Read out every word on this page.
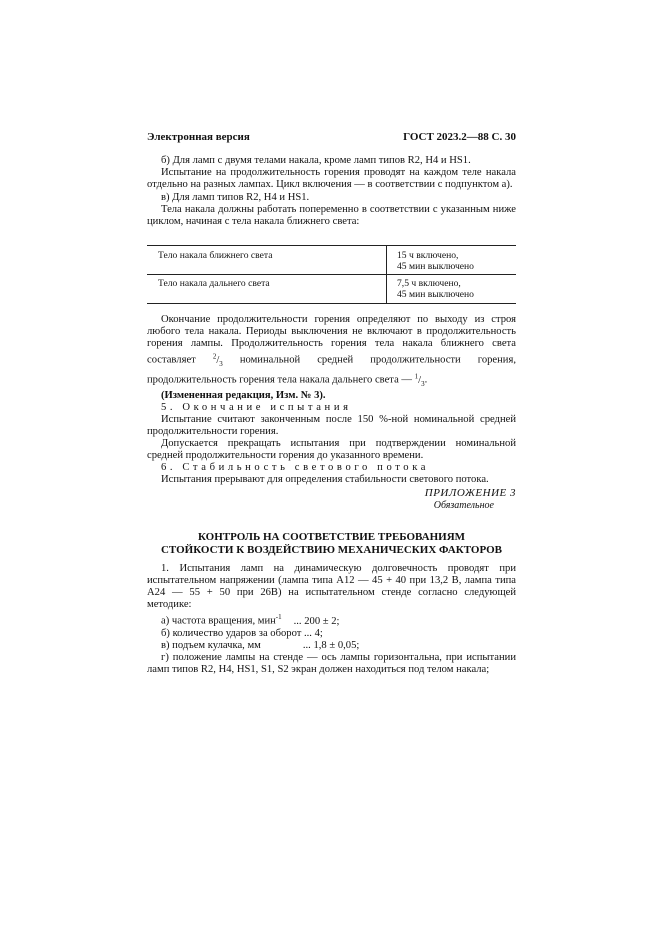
Электронная версия	ГОСТ 2023.2—88 С. 30

б) Для ламп с двумя телами накала, кроме ламп типов R2, H4 и HS1.

Испытание на продолжительность горения проводят на каждом теле накала отдельно на разных лампах. Цикл включения — в соответствии с подпунктом а).

в) Для ламп типов R2, H4 и HS1.

Тела накала должны работать попеременно в соответствии с указанным ниже циклом, начиная с тела накала ближнего света:

Тело накала ближнего света	15 ч включено,
45 мин выключено

Тело накала дальнего света	7,5 ч включено,
45 мин выключено

Окончание продолжительности горения определяют по выходу из строя любого тела накала. Периоды выключения не включают в продолжительность горения лампы. Продолжительность горения тела накала ближнего света составляет $^2/_3$ номинальной средней продолжительности горения, продолжительность горения тела накала дальнего света — $^1/_3$.

(Измененная редакция, Изм. № 3).

5. Окончание испытания

Испытание считают законченным после 150 %-ной номинальной средней продолжительности горения.

Допускается прекращать испытания при подтверждении номинальной средней продолжительности горения до указанного времени.

6. Стабильность светового потока

Испытания прерывают для определения стабильности светового потока.

ПРИЛОЖЕНИЕ 3
Обязательное
КОНТРОЛЬ НА СООТВЕТСТВИЕ ТРЕБОВАНИЯМ
СТОЙКОСТИ К ВОЗДЕЙСТВИЮ МЕХАНИЧЕСКИХ ФАКТОРОВ

1. Испытания ламп на динамическую долговечность проводят при испытательном напряжении (лампа типа А12 — 45 + 40 при 13,2 В, лампа типа А24 — 55 + 50 при 26В) на испытательном стенде согласно следующей методике:

а) частота вращения, мин$^{-1}$ ... 200 ± 2;

б) количество ударов за оборот ... 4;

в) подъем кулачка, мм	... 1,8 ± 0,05;

г) положение лампы на стенде — ось лампы горизонтальна, при испытании ламп типов R2, H4, HS1, S1, S2 экран должен находиться под телом накала;
